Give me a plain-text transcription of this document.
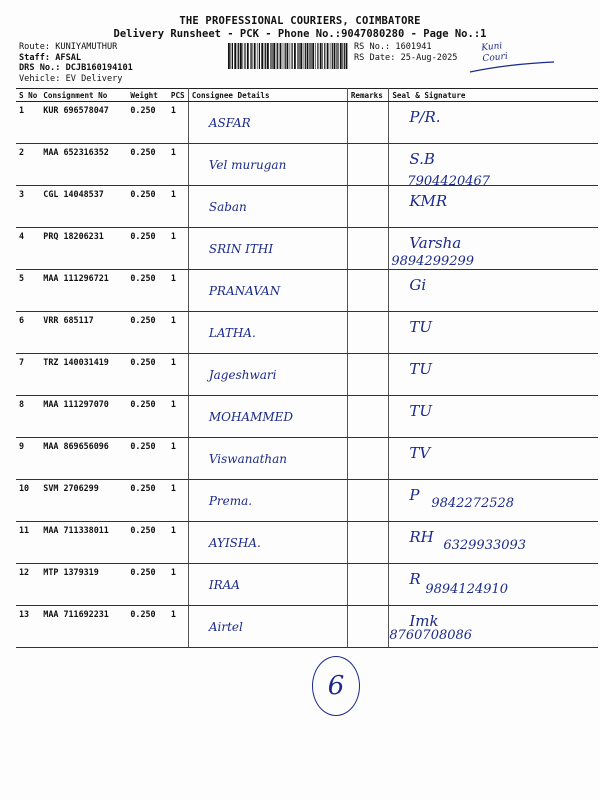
THE PROFESSIONAL COURIERS, COIMBATORE
Delivery Runsheet - PCK - Phone No.:9047080280 - Page No.:1
Route: KUNIYAMUTHUR
Staff: AFSAL
DRS No.: DCJB160194101
Vehicle: EV Delivery
RS No.: 1601941
RS Date: 25-Aug-2025
Kuni
Couri
S No	Consignment No	Weight	PCS	Consignee Details	Remarks	Seal & Signature
1	KUR 696578047	0.250	1	ASFAR		P/R.

2	MAA 652316352	0.250	1	Vel murugan		S.B
7904420467

3	CGL 14048537	0.250	1	Saban		KMR

4	PRQ 18206231	0.250	1	SRIN ITHI		Varsha
9894299299

5	MAA 111296721	0.250	1	PRANAVAN		Gi

6	VRR 685117	0.250	1	LATHA.		TU

7	TRZ 140031419	0.250	1	Jageshwari		TU

8	MAA 111297070	0.250	1	MOHAMMED		TU

9	MAA 869656096	0.250	1	Viswanathan		TV

10	SVM 2706299	0.250	1	Prema.		P 9842272528

11	MAA 711338011	0.250	1	AYISHA.		RH 6329933093

12	MTP 1379319	0.250	1	IRAA		R
9894124910

13	MAA 711692231	0.250	1	Airtel		Imk
8760708086
6
